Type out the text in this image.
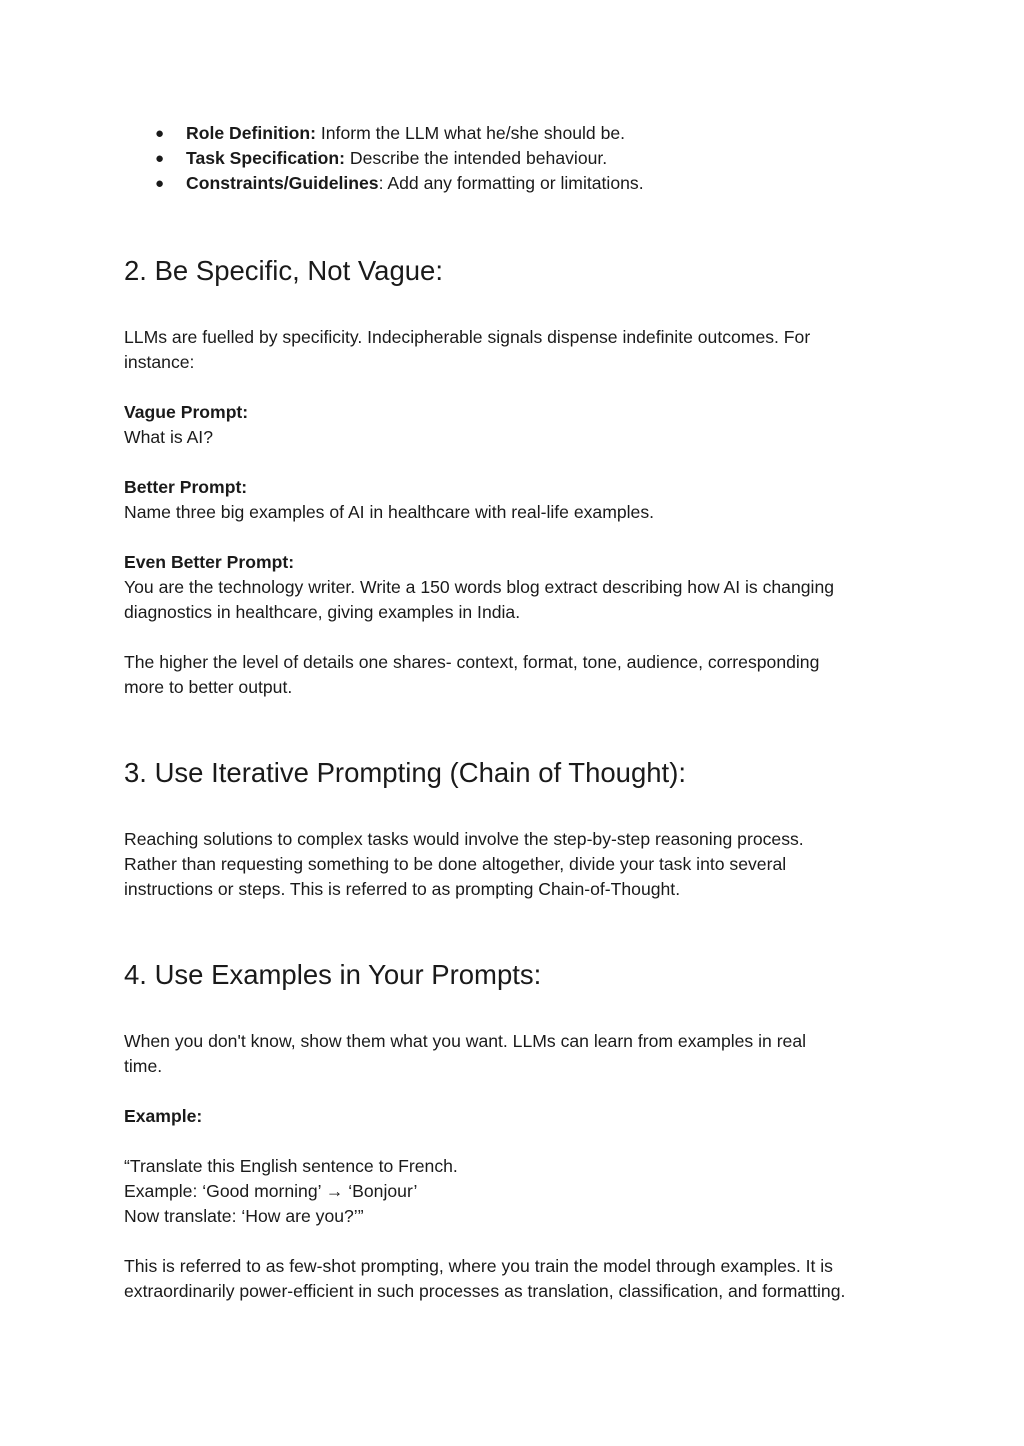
● Role Definition: Inform the LLM what he/she should be.
● Task Specification: Describe the intended behaviour.
● Constraints/Guidelines: Add any formatting or limitations.
2. Be Specific, Not Vague:
LLMs are fuelled by specificity. Indecipherable signals dispense indefinite outcomes. For
instance:
Vague Prompt:
What is AI?
Better Prompt:
Name three big examples of AI in healthcare with real-life examples.
Even Better Prompt:
You are the technology writer. Write a 150 words blog extract describing how AI is changing
diagnostics in healthcare, giving examples in India.
The higher the level of details one shares- context, format, tone, audience, corresponding
more to better output.
3. Use Iterative Prompting (Chain of Thought):
Reaching solutions to complex tasks would involve the step-by-step reasoning process.
Rather than requesting something to be done altogether, divide your task into several
instructions or steps. This is referred to as prompting Chain-of-Thought.
4. Use Examples in Your Prompts:
When you don't know, show them what you want. LLMs can learn from examples in real
time.
Example:
“Translate this English sentence to French.
Example: ‘Good morning’ → ‘Bonjour’
Now translate: ‘How are you?’”
This is referred to as few-shot prompting, where you train the model through examples. It is
extraordinarily power-efficient in such processes as translation, classification, and formatting.
